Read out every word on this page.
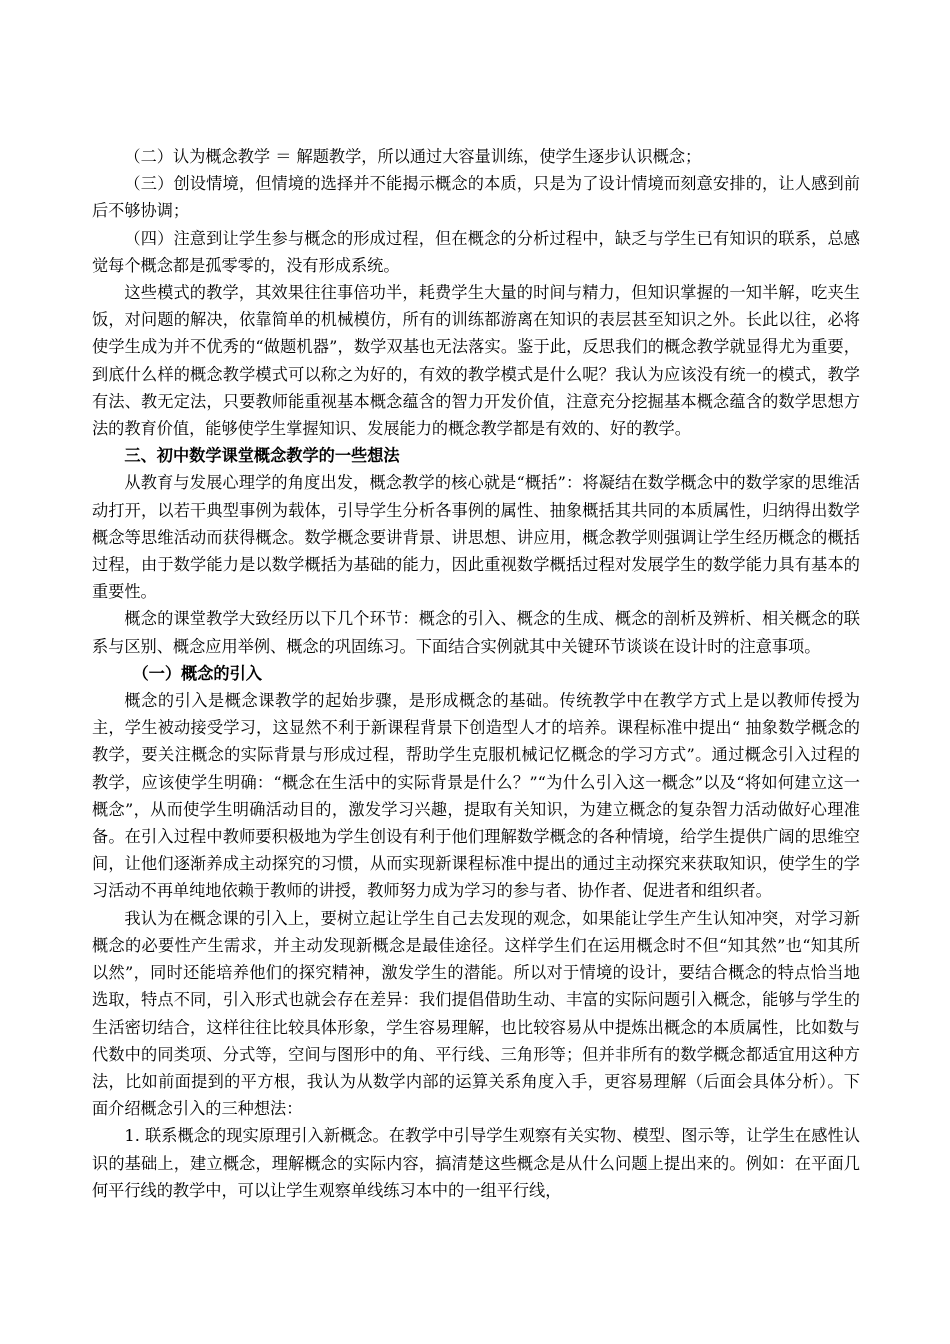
（二）认为概念教学 ＝ 解题教学，所以通过大容量训练，使学生逐步认识概念；

（三）创设情境，但情境的选择并不能揭示概念的本质，只是为了设计情境而刻意安排的，让人感到前后不够协调；

（四）注意到让学生参与概念的形成过程，但在概念的分析过程中，缺乏与学生已有知识的联系，总感觉每个概念都是孤零零的，没有形成系统。

这些模式的教学，其效果往往事倍功半，耗费学生大量的时间与精力，但知识掌握的一知半解，吃夹生饭，对问题的解决，依靠简单的机械模仿，所有的训练都游离在知识的表层甚至知识之外。长此以往，必将使学生成为并不优秀的“做题机器”，数学双基也无法落实。鉴于此，反思我们的概念教学就显得尤为重要，到底什么样的概念教学模式可以称之为好的，有效的教学模式是什么呢？我认为应该没有统一的模式，教学有法、教无定法，只要教师能重视基本概念蕴含的智力开发价值，注意充分挖掘基本概念蕴含的数学思想方法的教育价值，能够使学生掌握知识、发展能力的概念教学都是有效的、好的教学。

三、初中数学课堂概念教学的一些想法

从教育与发展心理学的角度出发，概念教学的核心就是“概括”：将凝结在数学概念中的数学家的思维活动打开，以若干典型事例为载体，引导学生分析各事例的属性、抽象概括其共同的本质属性，归纳得出数学概念等思维活动而获得概念。数学概念要讲背景、讲思想、讲应用，概念教学则强调让学生经历概念的概括过程，由于数学能力是以数学概括为基础的能力，因此重视数学概括过程对发展学生的数学能力具有基本的重要性。

概念的课堂教学大致经历以下几个环节：概念的引入、概念的生成、概念的剖析及辨析、相关概念的联系与区别、概念应用举例、概念的巩固练习。下面结合实例就其中关键环节谈谈在设计时的注意事项。

（一）概念的引入

概念的引入是概念课教学的起始步骤，是形成概念的基础。传统教学中在教学方式上是以教师传授为主，学生被动接受学习，这显然不利于新课程背景下创造型人才的培养。课程标准中提出“ 抽象数学概念的教学，要关注概念的实际背景与形成过程，帮助学生克服机械记忆概念的学习方式”。通过概念引入过程的教学，应该使学生明确：“概念在生活中的实际背景是什么？”“为什么引入这一概念”以及“将如何建立这一概念”，从而使学生明确活动目的，激发学习兴趣，提取有关知识，为建立概念的复杂智力活动做好心理准备。在引入过程中教师要积极地为学生创设有利于他们理解数学概念的各种情境，给学生提供广阔的思维空间，让他们逐渐养成主动探究的习惯，从而实现新课程标准中提出的通过主动探究来获取知识，使学生的学习活动不再单纯地依赖于教师的讲授，教师努力成为学习的参与者、协作者、促进者和组织者。

我认为在概念课的引入上，要树立起让学生自己去发现的观念，如果能让学生产生认知冲突，对学习新概念的必要性产生需求，并主动发现新概念是最佳途径。这样学生们在运用概念时不但“知其然”也“知其所以然”，同时还能培养他们的探究精神，激发学生的潜能。所以对于情境的设计，要结合概念的特点恰当地选取，特点不同，引入形式也就会存在差异：我们提倡借助生动、丰富的实际问题引入概念，能够与学生的生活密切结合，这样往往比较具体形象，学生容易理解，也比较容易从中提炼出概念的本质属性，比如数与代数中的同类项、分式等，空间与图形中的角、平行线、三角形等；但并非所有的数学概念都适宜用这种方法，比如前面提到的平方根，我认为从数学内部的运算关系角度入手，更容易理解（后面会具体分析）。下面介绍概念引入的三种想法：

1. 联系概念的现实原理引入新概念。在教学中引导学生观察有关实物、模型、图示等，让学生在感性认识的基础上，建立概念，理解概念的实际内容，搞清楚这些概念是从什么问题上提出来的。例如：在平面几何平行线的教学中，可以让学生观察单线练习本中的一组平行线，
